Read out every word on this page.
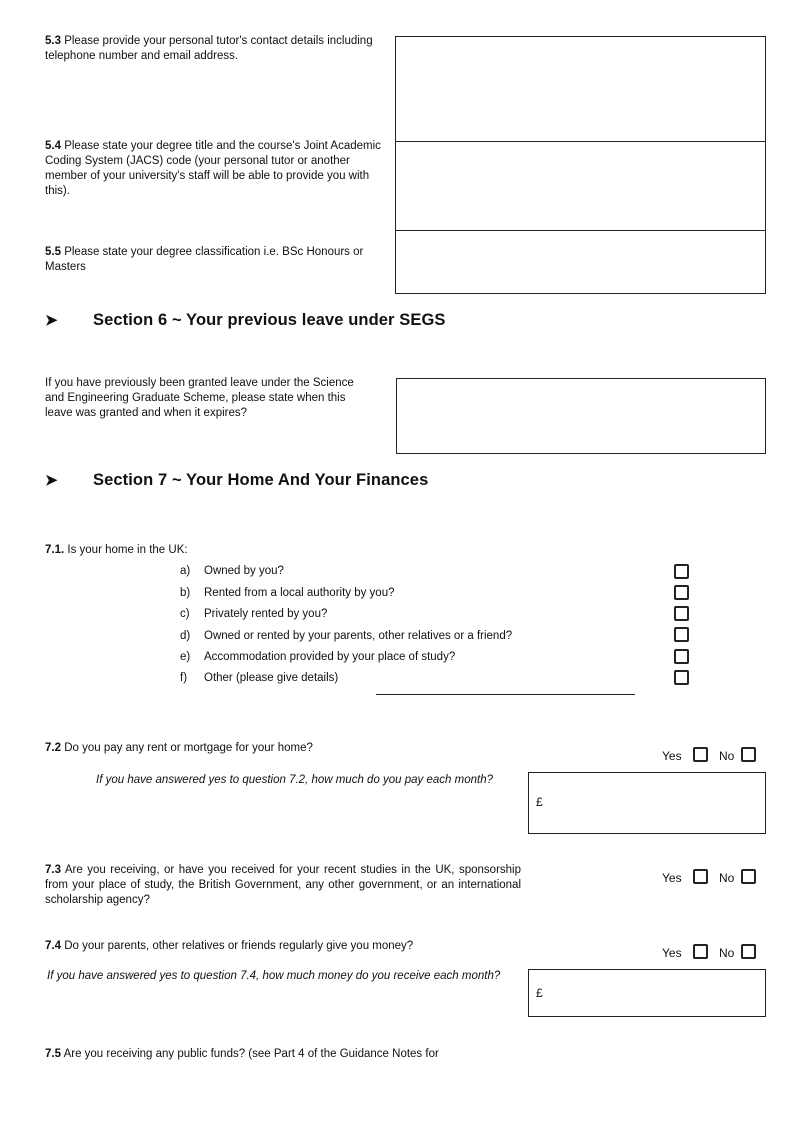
5.3 Please provide your personal tutor's contact details including telephone number and email address.
5.4 Please state your degree title and the course's Joint Academic Coding System (JACS) code (your personal tutor or another member of your university's staff will be able to provide you with this).
5.5 Please state your degree classification i.e. BSc Honours or Masters
➤ Section 6 ~ Your previous leave under SEGS
If you have previously been granted leave under the Science and Engineering Graduate Scheme, please state when this leave was granted and when it expires?
➤ Section 7 ~ Your Home And Your Finances
7.1. Is your home in the UK:
a)	Owned by you?
b)	Rented from a local authority by you?
c)	Privately rented by you?
d)	Owned or rented by your parents, other relatives or a friend?
e)	Accommodation provided by your place of study?
f)	Other (please give details)
7.2 Do you pay any rent or mortgage for your home?
Yes	No
If you have answered yes to question 7.2, how much do you pay each month?
£
7.3 Are you receiving, or have you received for your recent studies in the UK, sponsorship from your place of study, the British Government, any other government, or an international scholarship agency?
Yes	No
7.4 Do your parents, other relatives or friends regularly give you money?	Yes	No
If you have answered yes to question 7.4, how much money do you receive each month?
£
7.5 Are you receiving any public funds? (see Part 4 of the Guidance Notes for
